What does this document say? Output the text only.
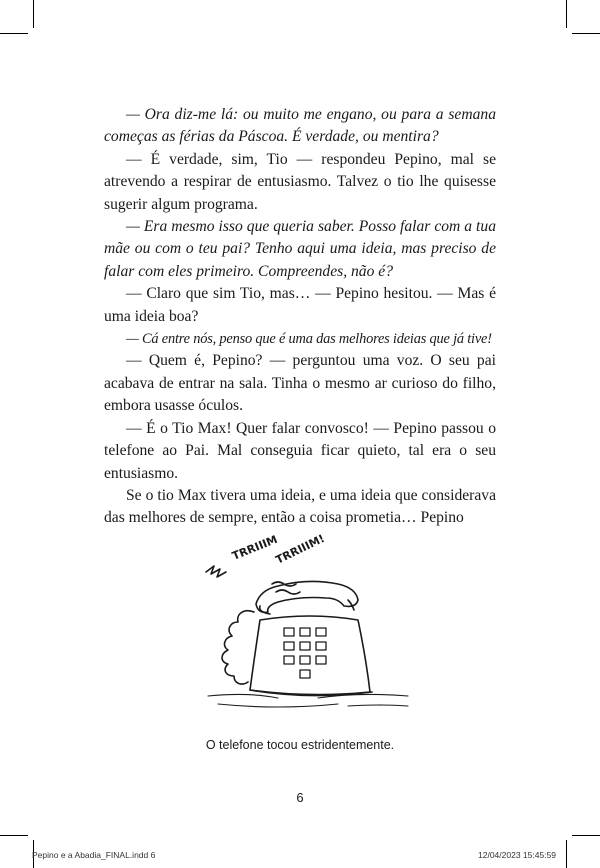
— Ora diz-me lá: ou muito me engano, ou para a semana começas as férias da Páscoa. É verdade, ou mentira?

— É verdade, sim, Tio — respondeu Pepino, mal se atrevendo a respirar de entusiasmo. Talvez o tio lhe quisesse sugerir algum programa.

— Era mesmo isso que queria saber. Posso falar com a tua mãe ou com o teu pai? Tenho aqui uma ideia, mas preciso de falar com eles primeiro. Compreendes, não é?

— Claro que sim Tio, mas… — Pepino hesitou. — Mas é uma ideia boa?

— Cá entre nós, penso que é uma das melhores ideias que já tive!

— Quem é, Pepino? — perguntou uma voz. O seu pai acabava de entrar na sala. Tinha o mesmo ar curioso do filho, embora usasse óculos.

— É o Tio Max! Quer falar convosco! — Pepino passou o telefone ao Pai. Mal conseguia ficar quieto, tal era o seu entusiasmo.

Se o tio Max tivera uma ideia, e uma ideia que considerava das melhores de sempre, então a coisa prometia… Pepino

TRRIIIM
TRRIIIM!
O telefone tocou estridentemente.
6
Pepino e a Abadia_FINAL.indd 6	12/04/2023 15:45:59
